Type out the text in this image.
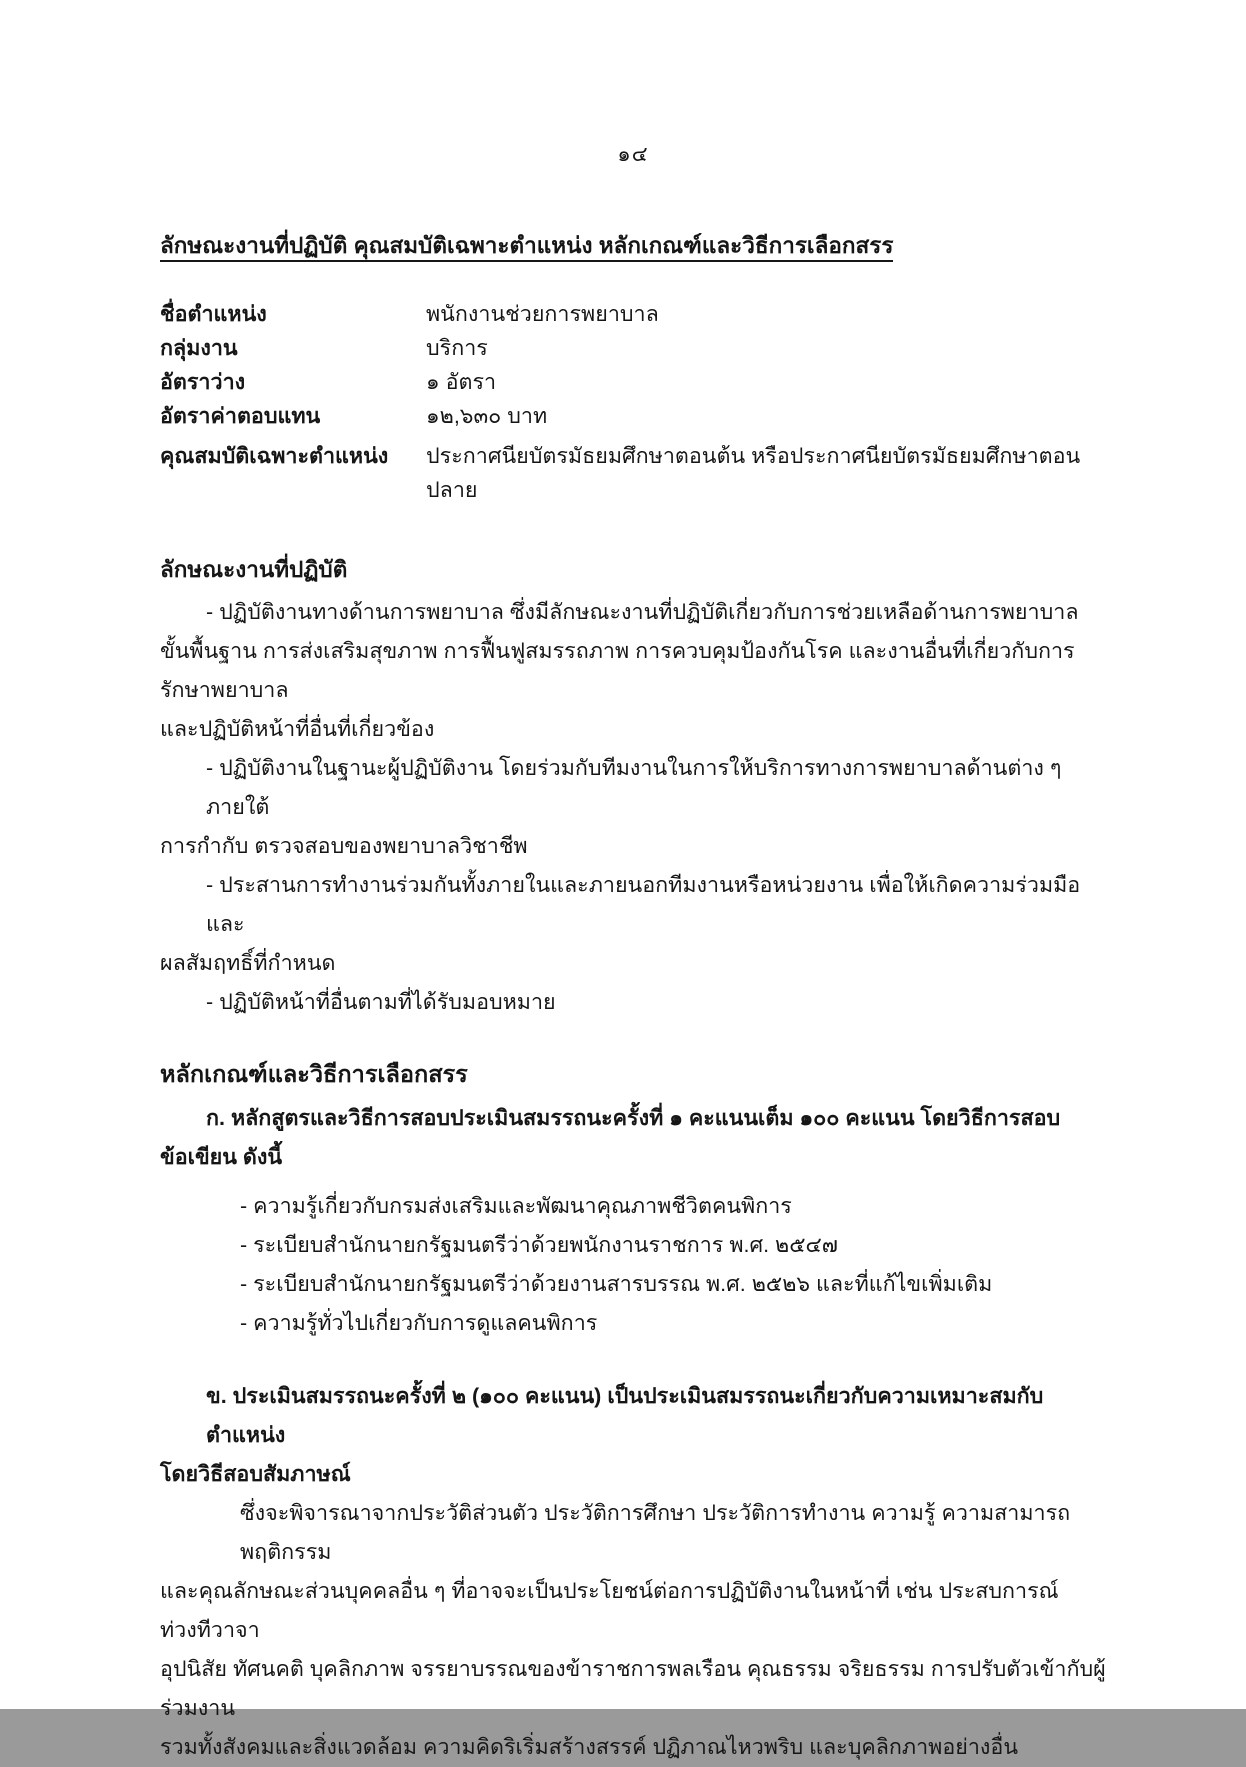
๑๔
ลักษณะงานที่ปฏิบัติ คุณสมบัติเฉพาะตำแหน่ง หลักเกณฑ์และวิธีการเลือกสรร
ชื่อตำแหน่ง	พนักงานช่วยการพยาบาล
กลุ่มงาน	บริการ
อัตราว่าง	๑ อัตรา
อัตราค่าตอบแทน	๑๒,๖๓๐ บาท
คุณสมบัติเฉพาะตำแหน่ง	ประกาศนียบัตรมัธยมศึกษาตอนต้น หรือประกาศนียบัตรมัธยมศึกษาตอนปลาย
ลักษณะงานที่ปฏิบัติ
- ปฏิบัติงานทางด้านการพยาบาล ซึ่งมีลักษณะงานที่ปฏิบัติเกี่ยวกับการช่วยเหลือด้านการพยาบาล
ขั้นพื้นฐาน การส่งเสริมสุขภาพ การฟื้นฟูสมรรถภาพ การควบคุมป้องกันโรค และงานอื่นที่เกี่ยวกับการรักษาพยาบาล
และปฏิบัติหน้าที่อื่นที่เกี่ยวข้อง
- ปฏิบัติงานในฐานะผู้ปฏิบัติงาน โดยร่วมกับทีมงานในการให้บริการทางการพยาบาลด้านต่าง ๆ ภายใต้
การกำกับ ตรวจสอบของพยาบาลวิชาชีพ
- ประสานการทำงานร่วมกันทั้งภายในและภายนอกทีมงานหรือหน่วยงาน เพื่อให้เกิดความร่วมมือและ
ผลสัมฤทธิ์ที่กำหนด
- ปฏิบัติหน้าที่อื่นตามที่ได้รับมอบหมาย
หลักเกณฑ์และวิธีการเลือกสรร
ก. หลักสูตรและวิธีการสอบประเมินสมรรถนะครั้งที่ ๑ คะแนนเต็ม ๑๐๐ คะแนน โดยวิธีการสอบ
ข้อเขียน ดังนี้
- ความรู้เกี่ยวกับกรมส่งเสริมและพัฒนาคุณภาพชีวิตคนพิการ
- ระเบียบสำนักนายกรัฐมนตรีว่าด้วยพนักงานราชการ พ.ศ. ๒๕๔๗
- ระเบียบสำนักนายกรัฐมนตรีว่าด้วยงานสารบรรณ พ.ศ. ๒๕๒๖ และที่แก้ไขเพิ่มเติม
- ความรู้ทั่วไปเกี่ยวกับการดูแลคนพิการ
ข. ประเมินสมรรถนะครั้งที่ ๒ (๑๐๐ คะแนน) เป็นประเมินสมรรถนะเกี่ยวกับความเหมาะสมกับตำแหน่ง
โดยวิธีสอบสัมภาษณ์
ซึ่งจะพิจารณาจากประวัติส่วนตัว ประวัติการศึกษา ประวัติการทำงาน ความรู้ ความสามารถ พฤติกรรม
และคุณลักษณะส่วนบุคคลอื่น ๆ ที่อาจจะเป็นประโยชน์ต่อการปฏิบัติงานในหน้าที่ เช่น ประสบการณ์ ท่วงทีวาจา
อุปนิสัย ทัศนคติ บุคลิกภาพ จรรยาบรรณของข้าราชการพลเรือน คุณธรรม จริยธรรม การปรับตัวเข้ากับผู้ร่วมงาน
รวมทั้งสังคมและสิ่งแวดล้อม ความคิดริเริ่มสร้างสรรค์ ปฏิภาณไหวพริบ และบุคลิกภาพอย่างอื่น
